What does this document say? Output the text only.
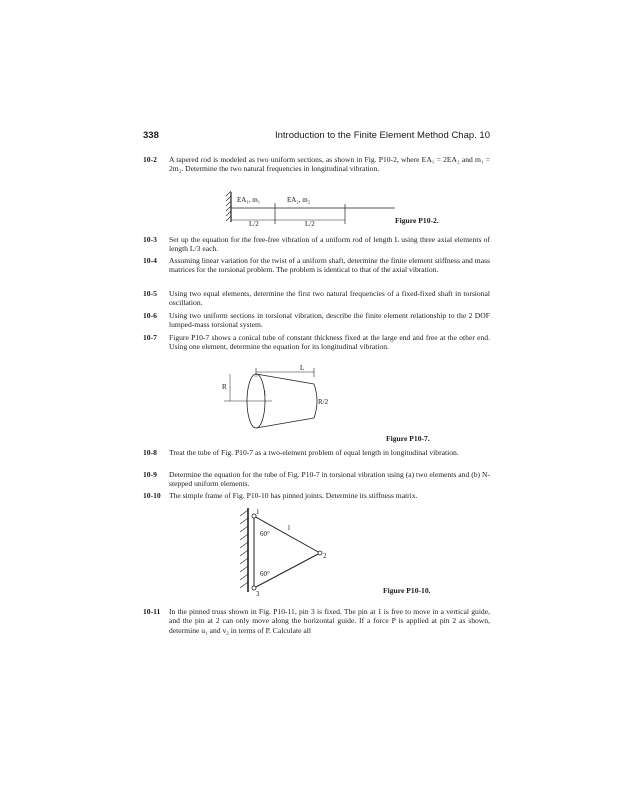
338	Introduction to the Finite Element Method Chap. 10
10-2 A tapered rod is modeled as two uniform sections, as shown in Fig. P10-2, where EA₁ = 2EA₂ and m₁ = 2m₂. Determine the two natural frequencies in longitudinal vibration.
EA₁, m₁	EA₂, m₂
L/2	L/2	Figure P10-2.
10-3 Set up the equation for the free-free vibration of a uniform rod of length L using three axial elements of length L/3 each.
10-4 Assuming linear variation for the twist of a uniform shaft, determine the finite element stiffness and mass matrices for the torsional problem. The problem is identical to that of the axial vibration.
10-5 Using two equal elements, determine the first two natural frequencies of a fixed-fixed shaft in torsional oscillation.
10-6 Using two uniform sections in torsional vibration, describe the finite element relationship to the 2 DOF lumped-mass torsional system.
10-7 Figure P10-7 shows a conical tube of constant thickness fixed at the large end and free at the other end. Using one element, determine the equation for its longitudinal vibration.
L
R
t
R/2
Figure P10-7.
10-8 Treat the tube of Fig. P10-7 as a two-element problem of equal length in longitudinal vibration.
10-9 Determine the equation for the tube of Fig. P10-7 in torsional vibration using (a) two elements and (b) N-stepped uniform elements.
10-10 The simple frame of Fig. P10-10 has pinned joints. Determine its stiffness matrix.
1
2
3
60°
60°
l
Figure P10-10.
10-11 In the pinned truss shown in Fig. P10-11, pin 3 is fixed. The pin at 1 is free to move in a vertical guide, and the pin at 2 can only move along the horizontal guide. If a force P is applied at pin 2 as shown, determine u₁ and v₂ in terms of P. Calculate all
